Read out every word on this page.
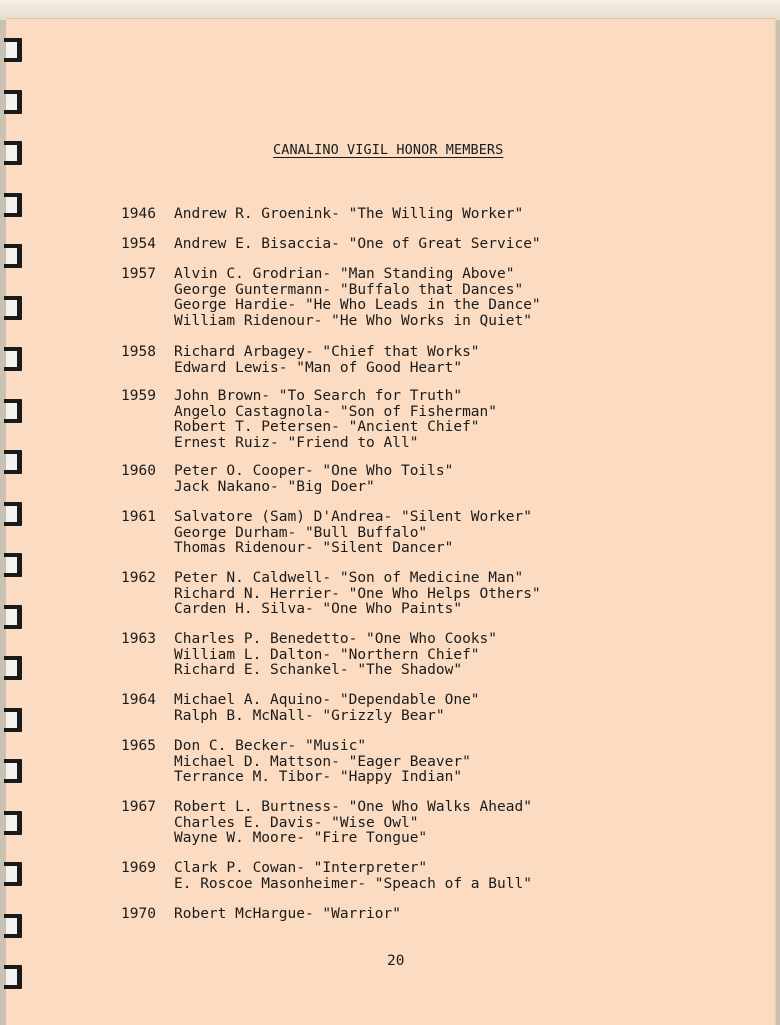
CANALINO VIGIL HONOR MEMBERS
1946	Andrew R. Groenink- "The Willing Worker"
1954	Andrew E. Bisaccia- "One of Great Service"
1957	Alvin C. Grodrian- "Man Standing Above"
George Guntermann- "Buffalo that Dances"
George Hardie- "He Who Leads in the Dance"
William Ridenour- "He Who Works in Quiet"
1958	Richard Arbagey- "Chief that Works"
Edward Lewis- "Man of Good Heart"
1959	John Brown- "To Search for Truth"
Angelo Castagnola- "Son of Fisherman"
Robert T. Petersen- "Ancient Chief"
Ernest Ruiz- "Friend to All"
1960	Peter O. Cooper- "One Who Toils"
Jack Nakano- "Big Doer"
1961	Salvatore (Sam) D'Andrea- "Silent Worker"
George Durham- "Bull Buffalo"
Thomas Ridenour- "Silent Dancer"
1962	Peter N. Caldwell- "Son of Medicine Man"
Richard N. Herrier- "One Who Helps Others"
Carden H. Silva- "One Who Paints"
1963	Charles P. Benedetto- "One Who Cooks"
William L. Dalton- "Northern Chief"
Richard E. Schankel- "The Shadow"
1964	Michael A. Aquino- "Dependable One"
Ralph B. McNall- "Grizzly Bear"
1965	Don C. Becker- "Music"
Michael D. Mattson- "Eager Beaver"
Terrance M. Tibor- "Happy Indian"
1967	Robert L. Burtness- "One Who Walks Ahead"
Charles E. Davis- "Wise Owl"
Wayne W. Moore- "Fire Tongue"
1969	Clark P. Cowan- "Interpreter"
E. Roscoe Masonheimer- "Speach of a Bull"
1970	Robert McHargue- "Warrior"
20
